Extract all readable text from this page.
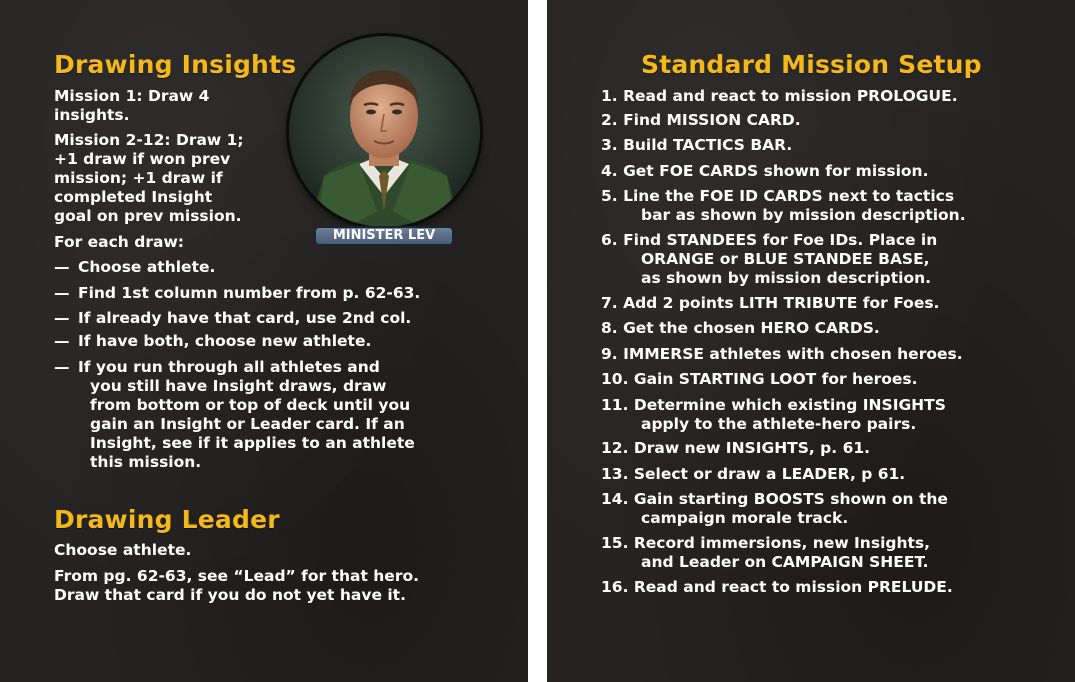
Drawing Insights

Mission 1: Draw 4

insights.

Mission 2-12: Draw 1;

+1 draw if won prev

mission; +1 draw if

completed Insight

goal on prev mission.

For each draw:	MINISTER LEV
— Choose athlete.
— Find 1st column number from p. 62-63.
— If already have that card, use 2nd col.
— If have both, choose new athlete.
— If you run through all athletes and
you still have Insight draws, draw
from bottom or top of deck until you
gain an Insight or Leader card. If an
Insight, see if it applies to an athlete
this mission.
Drawing Leader

Choose athlete.

From pg. 62-63, see “Lead” for that hero.

Draw that card if you do not yet have it.

Standard Mission Setup
1. Read and react to mission PROLOGUE.
2. Find MISSION CARD.
3. Build TACTICS BAR.
4. Get FOE CARDS shown for mission.
5. Line the FOE ID CARDS next to tactics
bar as shown by mission description.
6. Find STANDEES for Foe IDs. Place in
ORANGE or BLUE STANDEE BASE,
as shown by mission description.
7. Add 2 points LITH TRIBUTE for Foes.
8. Get the chosen HERO CARDS.
9. IMMERSE athletes with chosen heroes.
10. Gain STARTING LOOT for heroes.
11. Determine which existing INSIGHTS
apply to the athlete-hero pairs.
12. Draw new INSIGHTS, p. 61.
13. Select or draw a LEADER, p 61.
14. Gain starting BOOSTS shown on the
campaign morale track.
15. Record immersions, new Insights,
and Leader on CAMPAIGN SHEET.
16. Read and react to mission PRELUDE.
